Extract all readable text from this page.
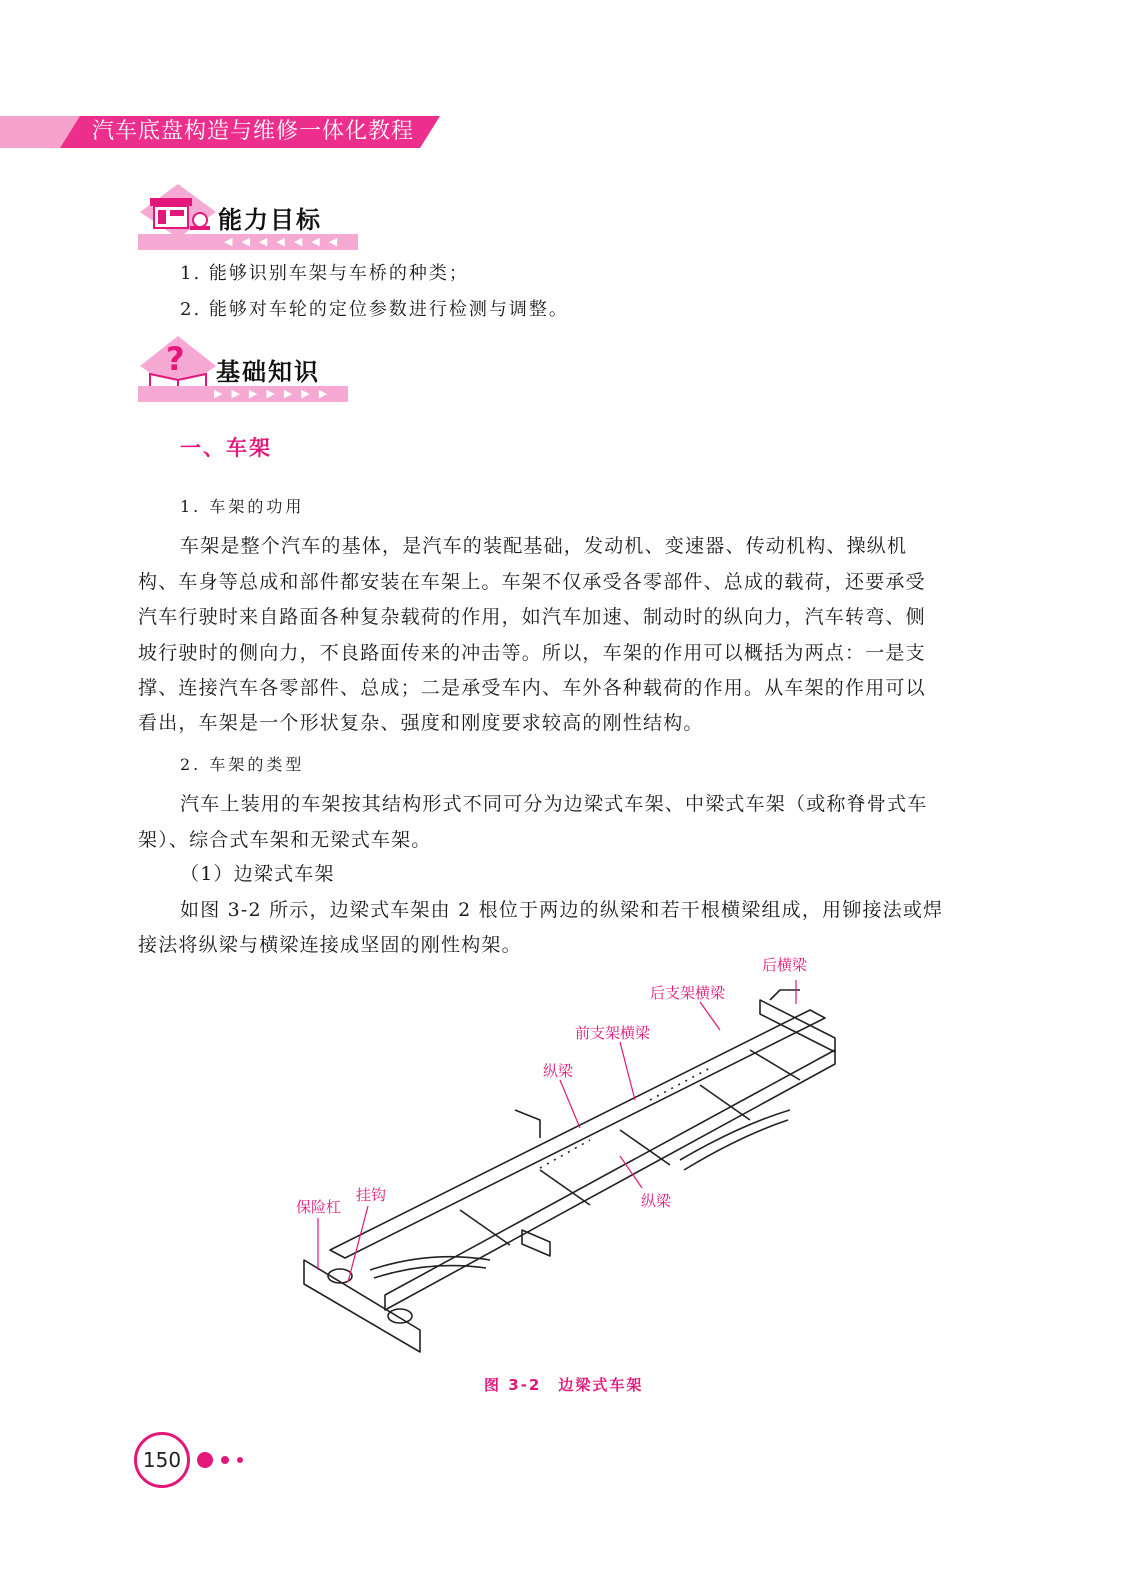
汽车底盘构造与维修一体化教程
能力目标
◀◀◀◀◀◀◀
1. 能够识别车架与车桥的种类；
2. 能够对车轮的定位参数进行检测与调整。
? 基础知识
▶▶▶▶▶▶▶
一、车架
1. 车架的功用
车架是整个汽车的基体，是汽车的装配基础，发动机、变速器、传动机构、操纵机
构、车身等总成和部件都安装在车架上。车架不仅承受各零部件、总成的载荷，还要承受
汽车行驶时来自路面各种复杂载荷的作用，如汽车加速、制动时的纵向力，汽车转弯、侧
坡行驶时的侧向力，不良路面传来的冲击等。所以，车架的作用可以概括为两点：一是支
撑、连接汽车各零部件、总成；二是承受车内、车外各种载荷的作用。从车架的作用可以
看出，车架是一个形状复杂、强度和刚度要求较高的刚性结构。
2. 车架的类型
汽车上装用的车架按其结构形式不同可分为边梁式车架、中梁式车架（或称脊骨式车
架）、综合式车架和无梁式车架。
（1）边梁式车架
如图 3-2 所示，边梁式车架由 2 根位于两边的纵梁和若干根横梁组成，用铆接法或焊
接法将纵梁与横梁连接成坚固的刚性构架。
后横梁
后支架横梁
前支架横梁
纵梁
纵梁
挂钩
保险杠
图 3-2　边梁式车架
150
